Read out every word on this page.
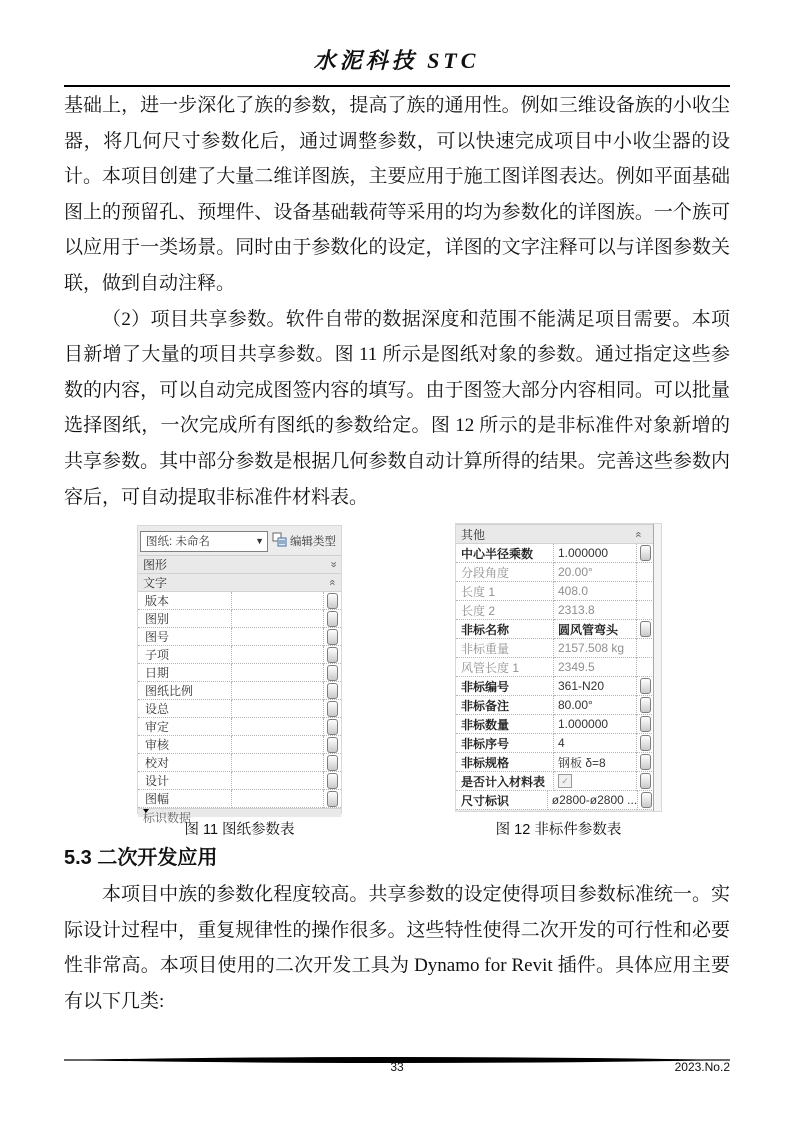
水泥科技 STC

基础上，进一步深化了族的参数，提高了族的通用性。例如三维设备族的小收尘器，将几何尺寸参数化后，通过调整参数，可以快速完成项目中小收尘器的设计。本项目创建了大量二维详图族，主要应用于施工图详图表达。例如平面基础图上的预留孔、预埋件、设备基础载荷等采用的均为参数化的详图族。一个族可以应用于一类场景。同时由于参数化的设定，详图的文字注释可以与详图参数关联，做到自动注释。

（2）项目共享参数。软件自带的数据深度和范围不能满足项目需要。本项目新增了大量的项目共享参数。图 11 所示是图纸对象的参数。通过指定这些参数的内容，可以自动完成图签内容的填写。由于图签大部分内容相同。可以批量选择图纸，一次完成所有图纸的参数给定。图 12 所示的是非标准件对象新增的共享参数。其中部分参数是根据几何参数自动计算所得的结果。完善这些参数内容后，可自动提取非标准件材料表。

图纸: 未命名	▼ 编辑类型
图形	»
文字	»
版本
图别
图号
子项
日期
图纸比例
设总
审定
审核
校对
设计
图幅
标识数据
其他	»
中心半径乘数	1.000000
分段角度	20.00°
长度 1	408.0
长度 2	2313.8
非标名称	圆风管弯头
非标重量	2157.508 kg
风管长度 1	2349.5
非标编号	361-N20
非标备注	80.00°
非标数量	1.000000
非标序号	4
非标规格	钢板 δ=8
是否计入材料表	✓
尺寸标识	ø2800-ø2800 ...
图 11 图纸参数表	图 12 非标件参数表
5.3 二次开发应用

本项目中族的参数化程度较高。共享参数的设定使得项目参数标准统一。实际设计过程中，重复规律性的操作很多。这些特性使得二次开发的可行性和必要性非常高。本项目使用的二次开发工具为 Dynamo for Revit 插件。具体应用主要有以下几类:

33	2023.No.2
